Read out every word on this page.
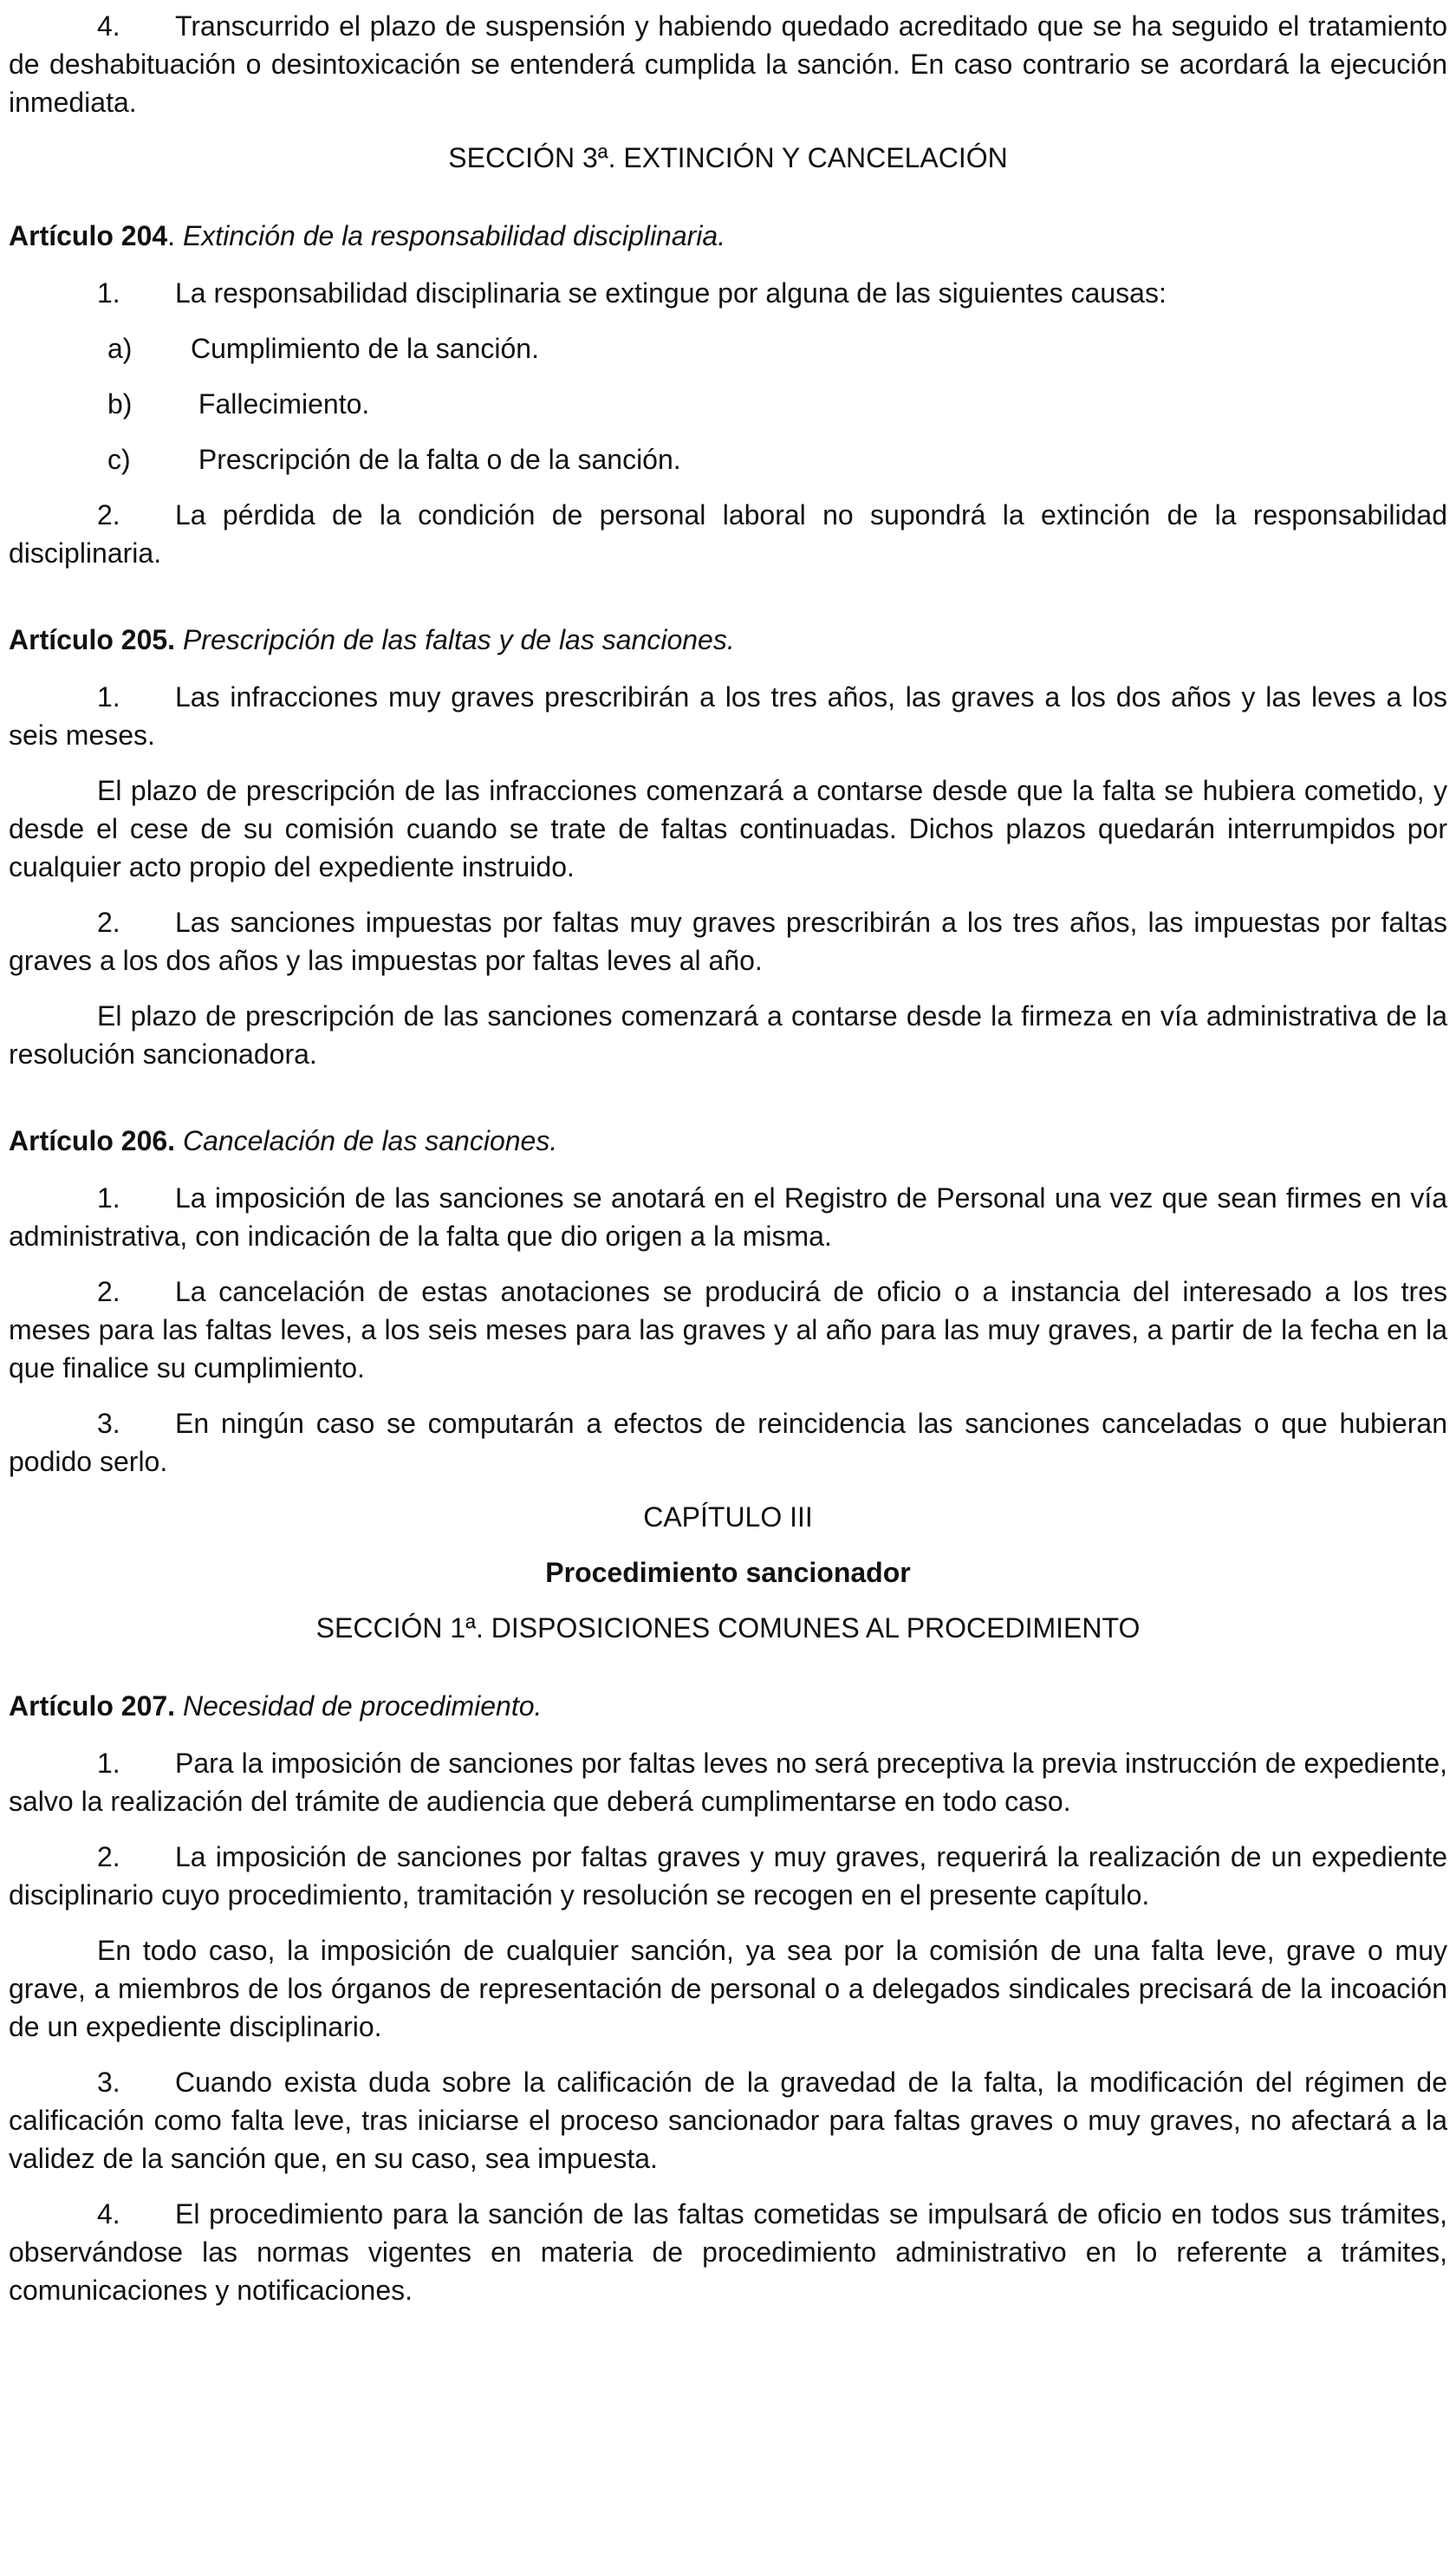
4. Transcurrido el plazo de suspensión y habiendo quedado acreditado que se ha seguido el tratamiento de deshabituación o desintoxicación se entenderá cumplida la sanción. En caso contrario se acordará la ejecución inmediata.

SECCIÓN 3ª. EXTINCIÓN Y CANCELACIÓN

Artículo 204. Extinción de la responsabilidad disciplinaria.

1. La responsabilidad disciplinaria se extingue por alguna de las siguientes causas:

a) Cumplimiento de la sanción.

b) Fallecimiento.

c) Prescripción de la falta o de la sanción.

2. La pérdida de la condición de personal laboral no supondrá la extinción de la responsabilidad disciplinaria.

Artículo 205. Prescripción de las faltas y de las sanciones.

1. Las infracciones muy graves prescribirán a los tres años, las graves a los dos años y las leves a los seis meses.

El plazo de prescripción de las infracciones comenzará a contarse desde que la falta se hubiera cometido, y desde el cese de su comisión cuando se trate de faltas continuadas. Dichos plazos quedarán interrumpidos por cualquier acto propio del expediente instruido.

2. Las sanciones impuestas por faltas muy graves prescribirán a los tres años, las impuestas por faltas graves a los dos años y las impuestas por faltas leves al año.

El plazo de prescripción de las sanciones comenzará a contarse desde la firmeza en vía administrativa de la resolución sancionadora.

Artículo 206. Cancelación de las sanciones.

1. La imposición de las sanciones se anotará en el Registro de Personal una vez que sean firmes en vía administrativa, con indicación de la falta que dio origen a la misma.

2. La cancelación de estas anotaciones se producirá de oficio o a instancia del interesado a los tres meses para las faltas leves, a los seis meses para las graves y al año para las muy graves, a partir de la fecha en la que finalice su cumplimiento.

3. En ningún caso se computarán a efectos de reincidencia las sanciones canceladas o que hubieran podido serlo.

CAPÍTULO III

Procedimiento sancionador

SECCIÓN 1ª. DISPOSICIONES COMUNES AL PROCEDIMIENTO

Artículo 207. Necesidad de procedimiento.

1. Para la imposición de sanciones por faltas leves no será preceptiva la previa instrucción de expediente, salvo la realización del trámite de audiencia que deberá cumplimentarse en todo caso.

2. La imposición de sanciones por faltas graves y muy graves, requerirá la realización de un expediente disciplinario cuyo procedimiento, tramitación y resolución se recogen en el presente capítulo.

En todo caso, la imposición de cualquier sanción, ya sea por la comisión de una falta leve, grave o muy grave, a miembros de los órganos de representación de personal o a delegados sindicales precisará de la incoación de un expediente disciplinario.

3. Cuando exista duda sobre la calificación de la gravedad de la falta, la modificación del régimen de calificación como falta leve, tras iniciarse el proceso sancionador para faltas graves o muy graves, no afectará a la validez de la sanción que, en su caso, sea impuesta.

4. El procedimiento para la sanción de las faltas cometidas se impulsará de oficio en todos sus trámites, observándose las normas vigentes en materia de procedimiento administrativo en lo referente a trámites, comunicaciones y notificaciones.
